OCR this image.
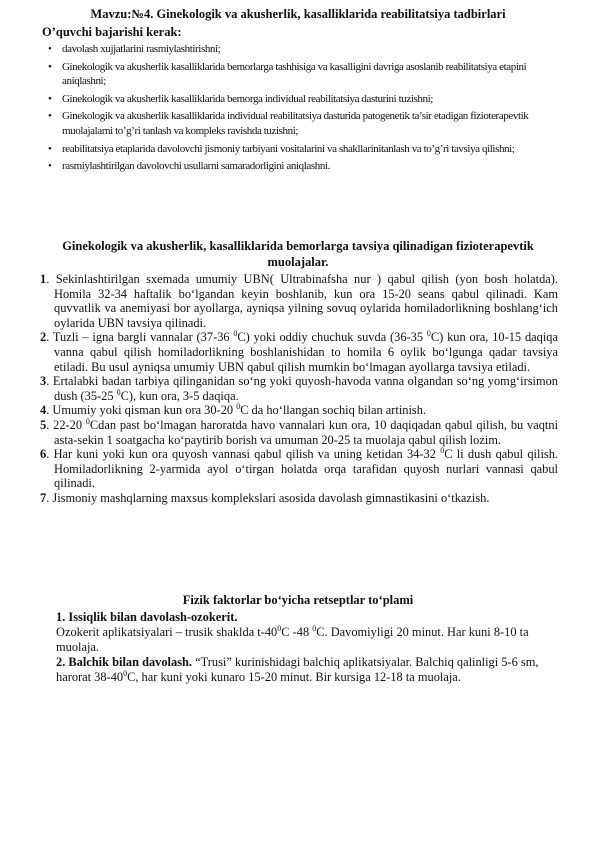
Mavzu:№4. Ginekologik va akusherlik, kasalliklarida reabilitatsiya tadbirlari
O’quvchi bajarishi kerak:
• davolash xujjatlarini rasmiylashtirishni;
• Ginekologik va akusherlik kasalliklarida bemorlarga tashhisiga va kasalligini davriga asoslanib reabilitatsiya etapini aniqlashni;
• Ginekologik va akusherlik kasalliklarida bemorga individual reabilitatsiya dasturini tuzishni;
• Ginekologik va akusherlik kasalliklarida individual reabilitatsiya dasturida patogenetik ta’sir etadigan fizioterapevtik muolajalarni to’g’ri tanlash va kompleks ravishda tuzishni;
• reabilitatsiya etaplarida davolovchi jismoniy tarbiyani vositalarini va shakllarinitanlash va to’g’ri tavsiya qilishni;
• rasmiylashtirilgan davolovchi usullarni samaradorligini aniqlashni.
Ginekologik va akusherlik, kasalliklarida bemorlarga tavsiya qilinadigan fizioterapevtik muolajalar.
1. Sekinlashtirilgan sxemada umumiy UBN( Ultrabinafsha nur ) qabul qilish (yon bosh holatda). Homila 32-34 haftalik bo‘lgandan keyin boshlanib, kun ora 15-20 seans qabul qilinadi. Kam quvvatlik va anemiyasi bor ayollarga, ayniqsa yilning sovuq oylarida homiladorlikning boshlang‘ich oylarida UBN tavsiya qilinadi.
2. Tuzli – igna bargli vannalar (37-36 $^0$C) yoki oddiy chuchuk suvda (36-35 $^0$C) kun ora, 10-15 daqiqa vanna qabul qilish homiladorlikning boshlanishidan to homila 6 oylik bo‘lgunga qadar tavsiya etiladi. Bu usul ayniqsa umumiy UBN qabul qilish mumkin bo‘lmagan ayollarga tavsiya etiladi.
3. Ertalabki badan tarbiya qilinganidan so‘ng yoki quyosh-havoda vanna olgandan so‘ng yomg‘irsimon dush (35-25 $^0$C), kun ora, 3-5 daqiqa.
4. Umumiy yoki qisman kun ora 30-20 $^0$C da ho‘llangan sochiq bilan artinish.
5. 22-20 $^0$Cdan past bo‘lmagan haroratda havo vannalari kun ora, 10 daqiqadan qabul qilish, bu vaqtni asta-sekin 1 soatgacha ko‘paytirib borish va umuman 20-25 ta muolaja qabul qilish lozim.
6. Har kuni yoki kun ora quyosh vannasi qabul qilish va uning ketidan 34-32 $^0$C li dush qabul qilish. Homiladorlikning 2-yarmida ayol o‘tirgan holatda orqa tarafidan quyosh nurlari vannasi qabul qilinadi.
7. Jismoniy mashqlarning maxsus komplekslari asosida davolash gimnastikasini o‘tkazish.
Fizik faktorlar bo‘yicha retseptlar to‘plami
1. Issiqlik bilan davolash-ozokerit.
Ozokerit aplikatsiyalari – trusik shaklda $t-40^0C$ -48 $^0$C. Davomiyligi 20 minut. Har kuni 8-10 ta muolaja.
2. Balchik bilan davolash. “Trusi” kurinishidagi balchiq aplikatsiyalar. Balchiq qalinligi 5-6 sm, harorat $38-40^0C$, har kuni yoki kunaro 15-20 minut. Bir kursiga 12-18 ta muolaja.
